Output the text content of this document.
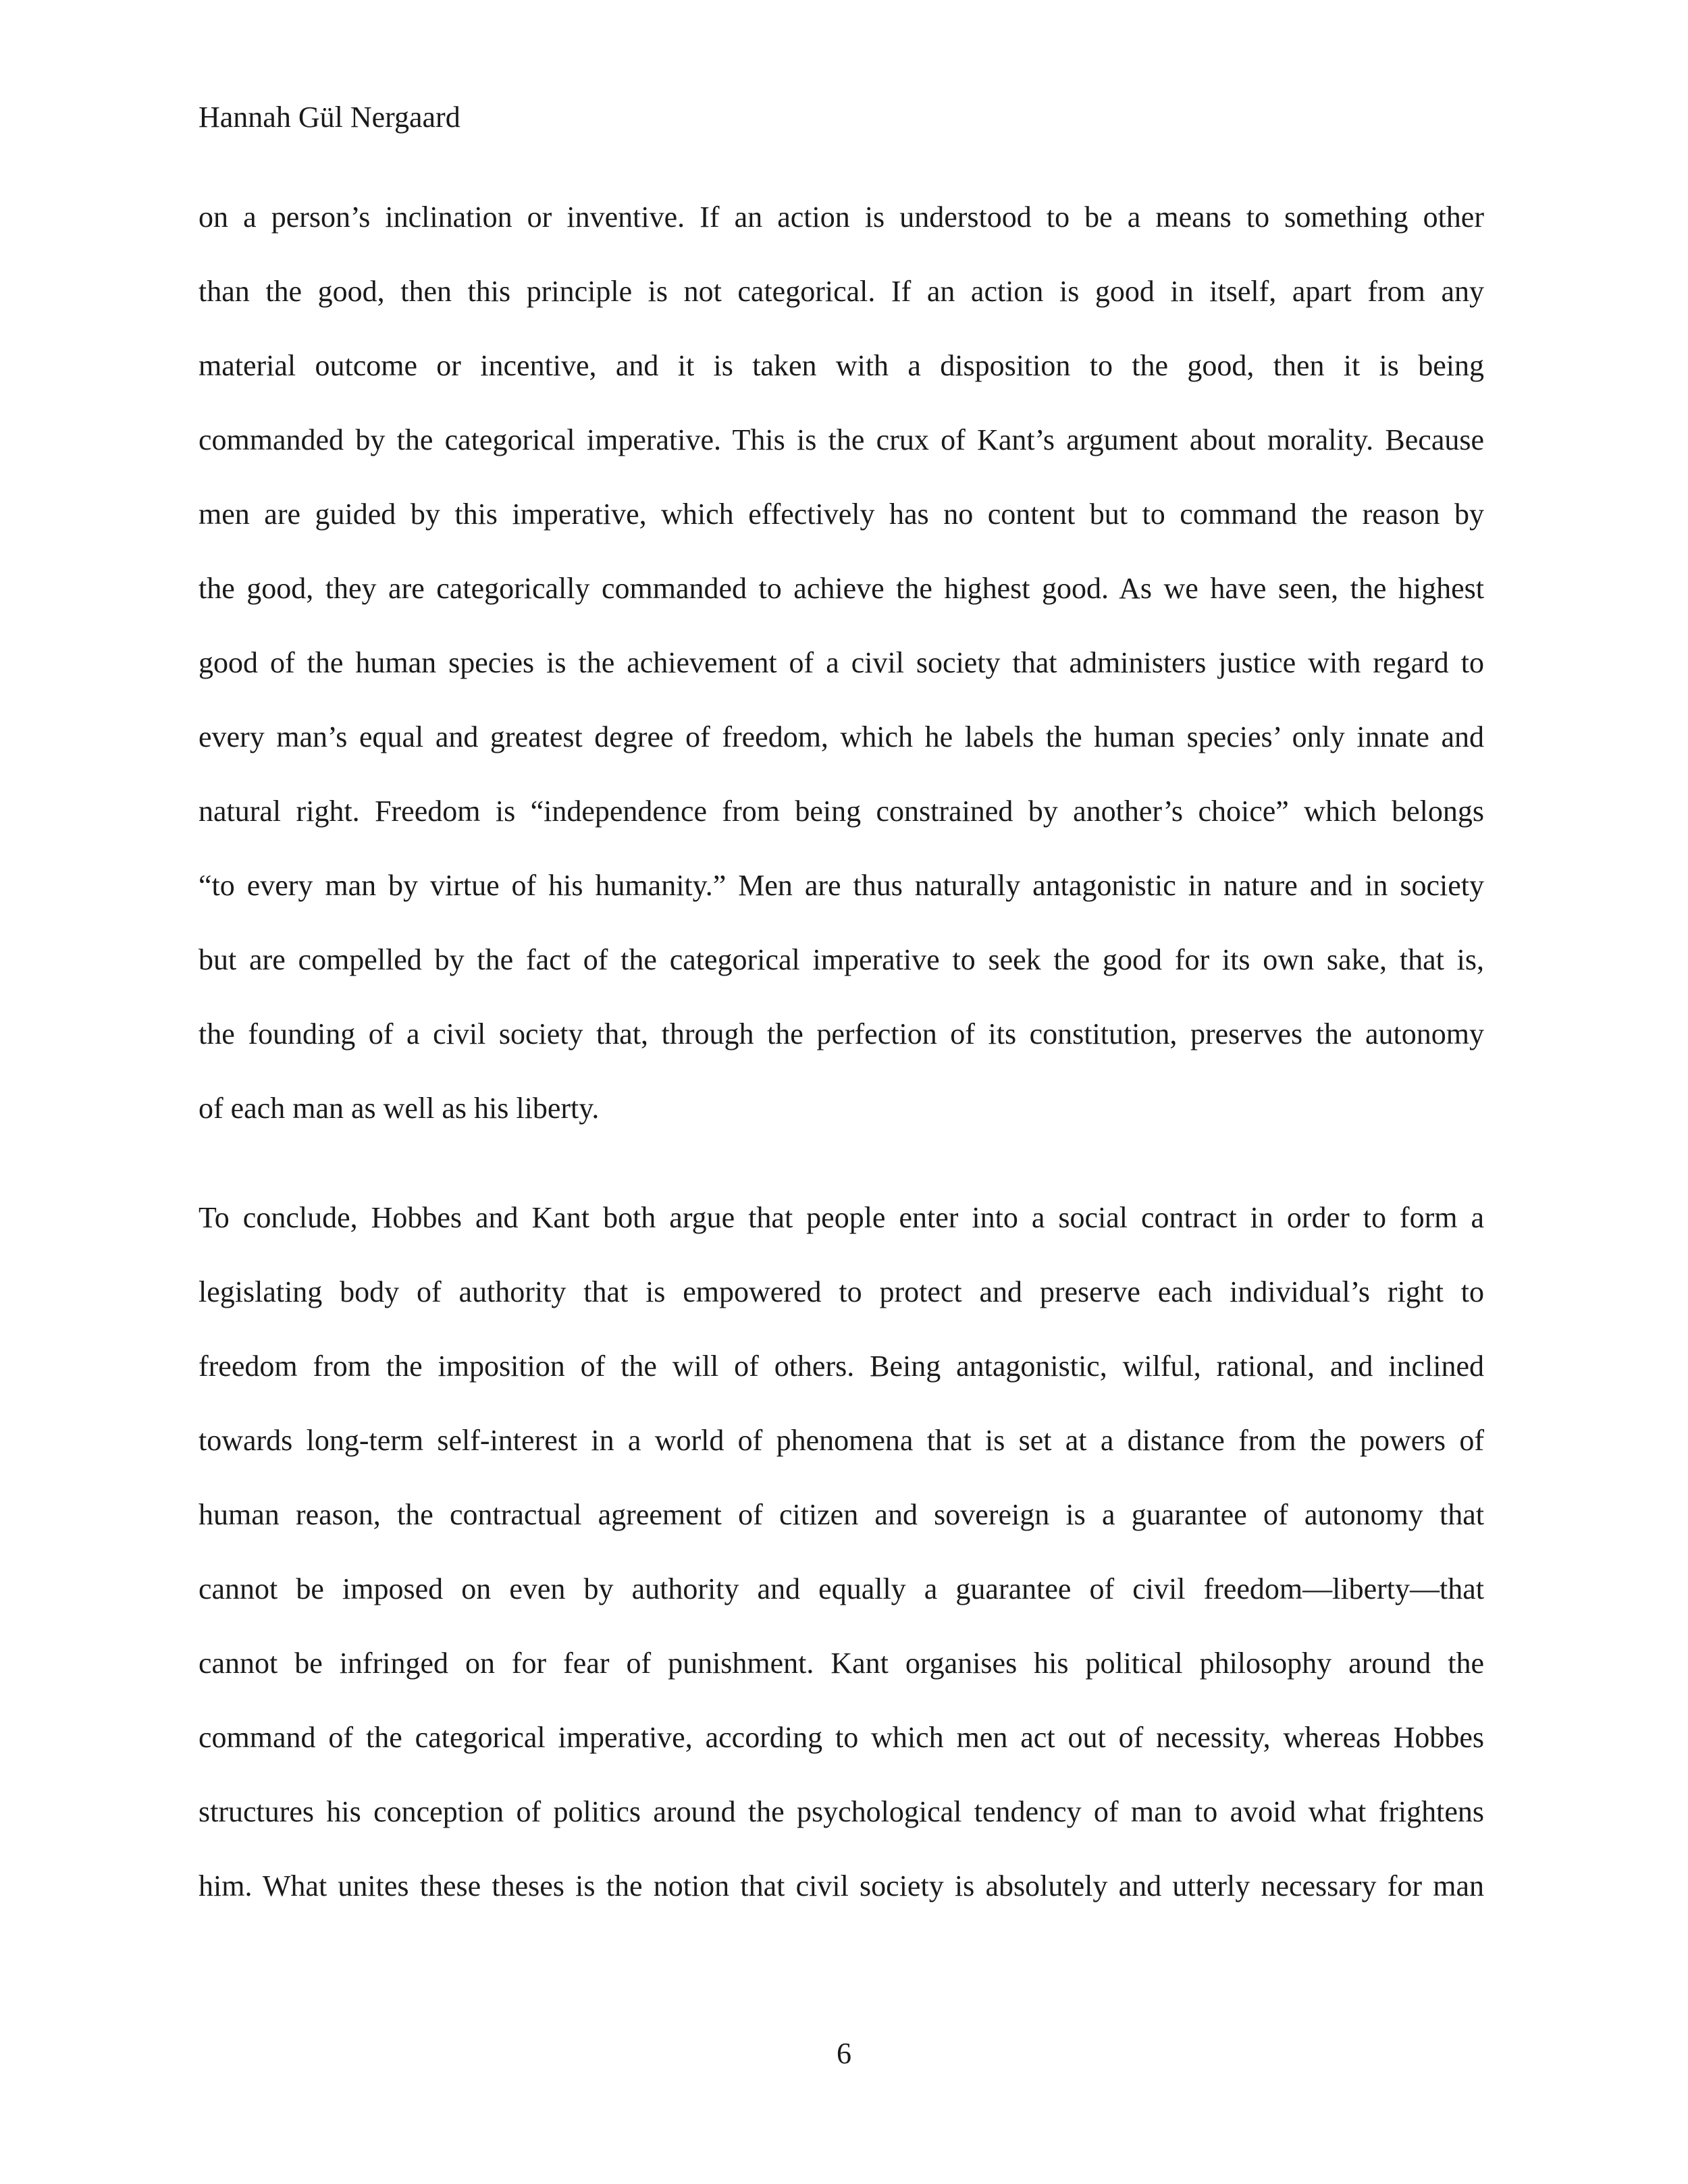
Hannah Gül Nergaard
on a person’s inclination or inventive. If an action is understood to be a means to something other
than the good, then this principle is not categorical. If an action is good in itself, apart from any
material outcome or incentive, and it is taken with a disposition to the good, then it is being
commanded by the categorical imperative. This is the crux of Kant’s argument about morality. Because
men are guided by this imperative, which effectively has no content but to command the reason by
the good, they are categorically commanded to achieve the highest good. As we have seen, the highest
good of the human species is the achievement of a civil society that administers justice with regard to
every man’s equal and greatest degree of freedom, which he labels the human species’ only innate and
natural right. Freedom is “independence from being constrained by another’s choice” which belongs
“to every man by virtue of his humanity.” Men are thus naturally antagonistic in nature and in society
but are compelled by the fact of the categorical imperative to seek the good for its own sake, that is,
the founding of a civil society that, through the perfection of its constitution, preserves the autonomy
of each man as well as his liberty.
To conclude, Hobbes and Kant both argue that people enter into a social contract in order to form a
legislating body of authority that is empowered to protect and preserve each individual’s right to
freedom from the imposition of the will of others. Being antagonistic, wilful, rational, and inclined
towards long-term self-interest in a world of phenomena that is set at a distance from the powers of
human reason, the contractual agreement of citizen and sovereign is a guarantee of autonomy that
cannot be imposed on even by authority and equally a guarantee of civil freedom—liberty—that
cannot be infringed on for fear of punishment. Kant organises his political philosophy around the
command of the categorical imperative, according to which men act out of necessity, whereas Hobbes
structures his conception of politics around the psychological tendency of man to avoid what frightens
him. What unites these theses is the notion that civil society is absolutely and utterly necessary for man
6
